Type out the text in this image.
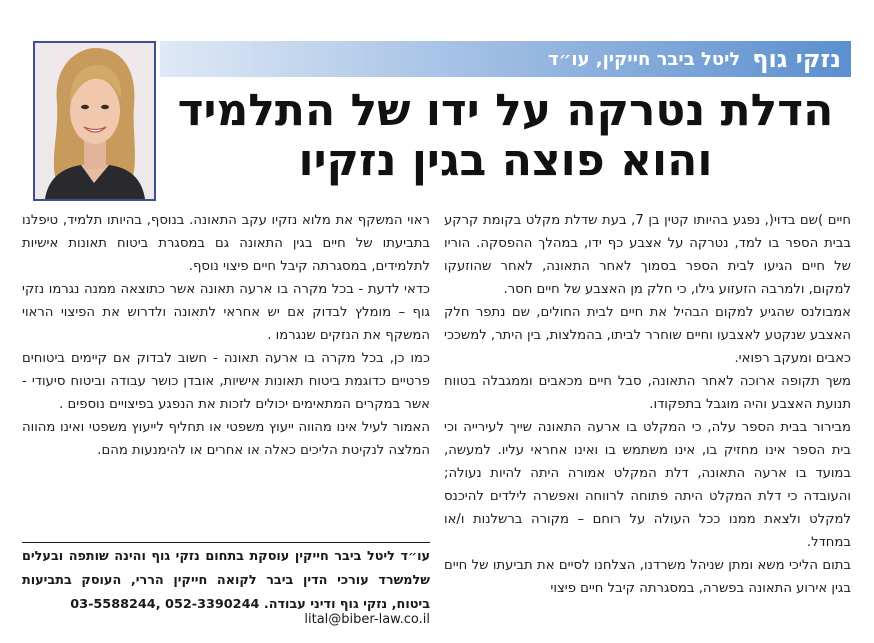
נזקי גוף
ליטל ביבר חייקין, עו״ד
הדלת נטרקה על ידו של התלמיד
והוא פוצה בגין נזקיו

חיים )שם בדוי(, נפגע בהיותו קטין בן 7, בעת שדלת מקלט בקומת קרקע בבית הספר בו למד, נטרקה על אצבע כף ידו, במהלך ההפסקה. הוריו של חיים הגיעו לבית הספר בסמוך לאחר התאונה, לאחר שהוזעקו למקום, ולמרבה הזעזוע גילו, כי חלק מן האצבע של חיים חסר.

אמבולנס שהגיע למקום הבהיל את חיים לבית החולים, שם נתפר חלק האצבע שנקטע לאצבעו וחיים שוחרר לביתו, בהמלצות, בין היתר, למשככי כאבים ומעקב רפואי.

משך תקופה ארוכה לאחר התאונה, סבל חיים מכאבים וממגבלה בטווח תנועת האצבע והיה מוגבל בתפקודו.

מבירור בבית הספר עלה, כי המקלט בו ארעה התאונה שייך לעירייה וכי בית הספר אינו מחזיק בו, אינו משתמש בו ואינו אחראי עליו. למעשה, במועד בו ארעה התאונה, דלת המקלט אמורה היתה להיות נעולה; והעובדה כי דלת המקלט היתה פתוחה לרווחה ואפשרה לילדים להיכנס למקלט ולצאת ממנו ככל העולה על רוחם – מקורה ברשלנות ו/או במחדל.

בתום הליכי משא ומתן שניהל משרדנו, הצלחנו לסיים את תביעתו של חיים בגין אירוע התאונה בפשרה, במסגרתה קיבל חיים פיצוי

ראוי המשקף את מלוא נזקיו עקב התאונה. בנוסף, בהיותו תלמיד, טיפלנו בתביעתו של חיים בגין התאונה גם במסגרת ביטוח תאונות אישיות לתלמידים, במסגרתה קיבל חיים פיצוי נוסף.

כדאי לדעת - בכל מקרה בו ארעה תאונה אשר כתוצאה ממנה נגרמו נזקי גוף – מומלץ לבדוק אם יש אחראי לתאונה ולדרוש את הפיצוי הראוי המשקף את הנזקים שנגרמו .

כמו כן, בכל מקרה בו ארעה תאונה - חשוב לבדוק אם קיימים ביטוחים פרטיים כדוגמת ביטוח תאונות אישיות, אובדן כושר עבודה וביטוח סיעודי - אשר במקרים המתאימים יכולים לזכות את הנפגע בפיצויים נוספים .

האמור לעיל אינו מהווה ייעוץ משפטי או תחליף לייעוץ משפטי ואינו מהווה המלצה לנקיטת הליכים כאלה או אחרים או להימנעות מהם.

עו״ד ליטל ביבר חייקין עוסקת בתחום נזקי גוף והינה שותפה ובעלים שלמשרד עורכי הדין ביבר לקואה חייקין הררי, העוסק בתביעות ביטוח, נזקי גוף ודיני עבודה. 052-3390244 ,03-5588244
lital@biber-law.co.il
